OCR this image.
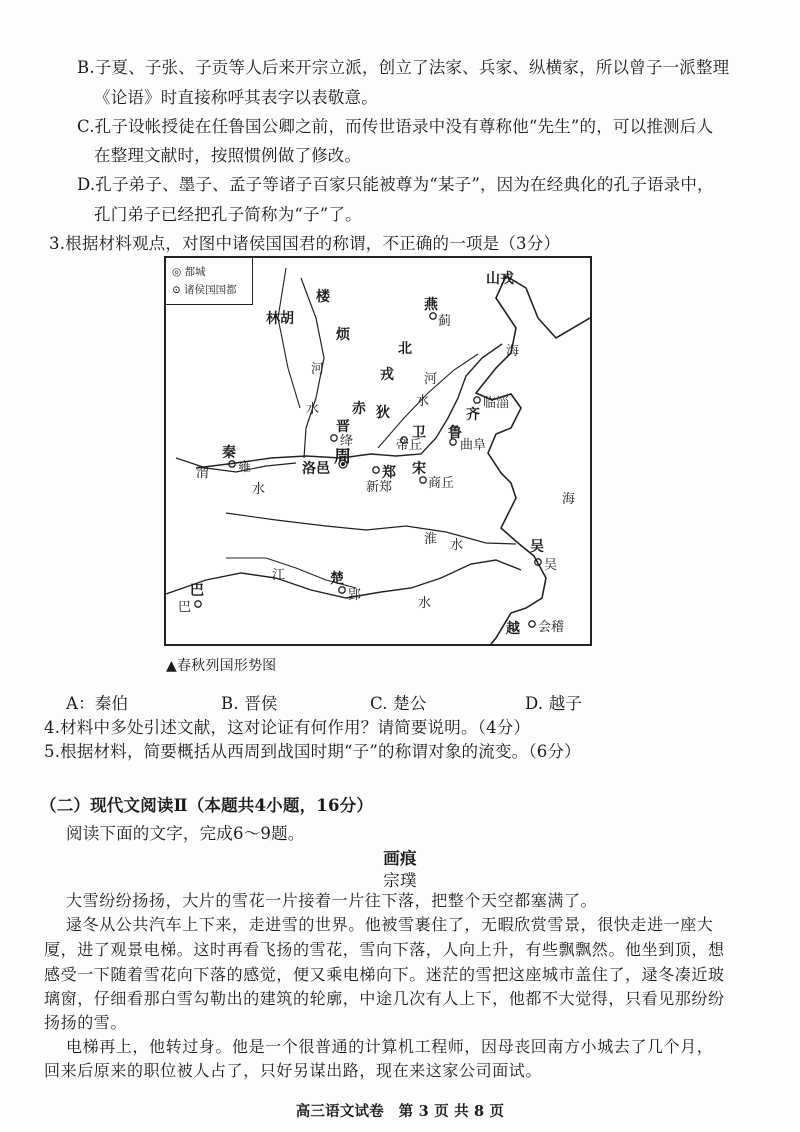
B.子夏、子张、子贡等人后来开宗立派，创立了法家、兵家、纵横家，所以曾子一派整理
《论语》时直接称呼其表字以表敬意。
C.孔子设帐授徒在任鲁国公卿之前，而传世语录中没有尊称他“先生”的，可以推测后人
在整理文献时，按照惯例做了修改。
D.孔子弟子、墨子、孟子等诸子百家只能被尊为“某子”，因为在经典化的孔子语录中，
孔门弟子已经把孔子简称为“子”了。
3.根据材料观点，对图中诸侯国国君的称谓，不正确的一项是（3分）
◎ 都城
⊙ 诸侯国国都
山戎
楼
林胡
烦
燕
蓟
北
戎
海
河
水
河
水
赤 狄
临淄
齐
晋
绛
卫
帝丘
鲁
曲阜
秦
雍
周
洛邑	郑
新郑
宋
商丘
渭
水
海
淮 水	吴
吴
巴
巴
江	楚
郢
水
越 会稽
▲春秋列国形势图
A：秦伯	B. 晋侯	C. 楚公	D. 越子
4.材料中多处引述文献，这对论证有何作用？请简要说明。（4分）
5.根据材料，简要概括从西周到战国时期“子”的称谓对象的流变。（6分）
（二）现代文阅读Ⅱ（本题共4小题，16分）
阅读下面的文字，完成6～9题。
画痕
宗璞
大雪纷纷扬扬，大片的雪花一片接着一片往下落，把整个天空都塞满了。
逯冬从公共汽车上下来，走进雪的世界。他被雪裹住了，无暇欣赏雪景，很快走进一座大
厦，进了观景电梯。这时再看飞扬的雪花，雪向下落，人向上升，有些飘飘然。他坐到顶，想
感受一下随着雪花向下落的感觉，便又乘电梯向下。迷茫的雪把这座城市盖住了，逯冬凑近玻
璃窗，仔细看那白雪勾勒出的建筑的轮廓，中途几次有人上下，他都不大觉得，只看见那纷纷
扬扬的雪。
电梯再上，他转过身。他是一个很普通的计算机工程师，因母丧回南方小城去了几个月，
回来后原来的职位被人占了，只好另谋出路，现在来这家公司面试。
高三语文试卷　第 3 页 共 8 页
